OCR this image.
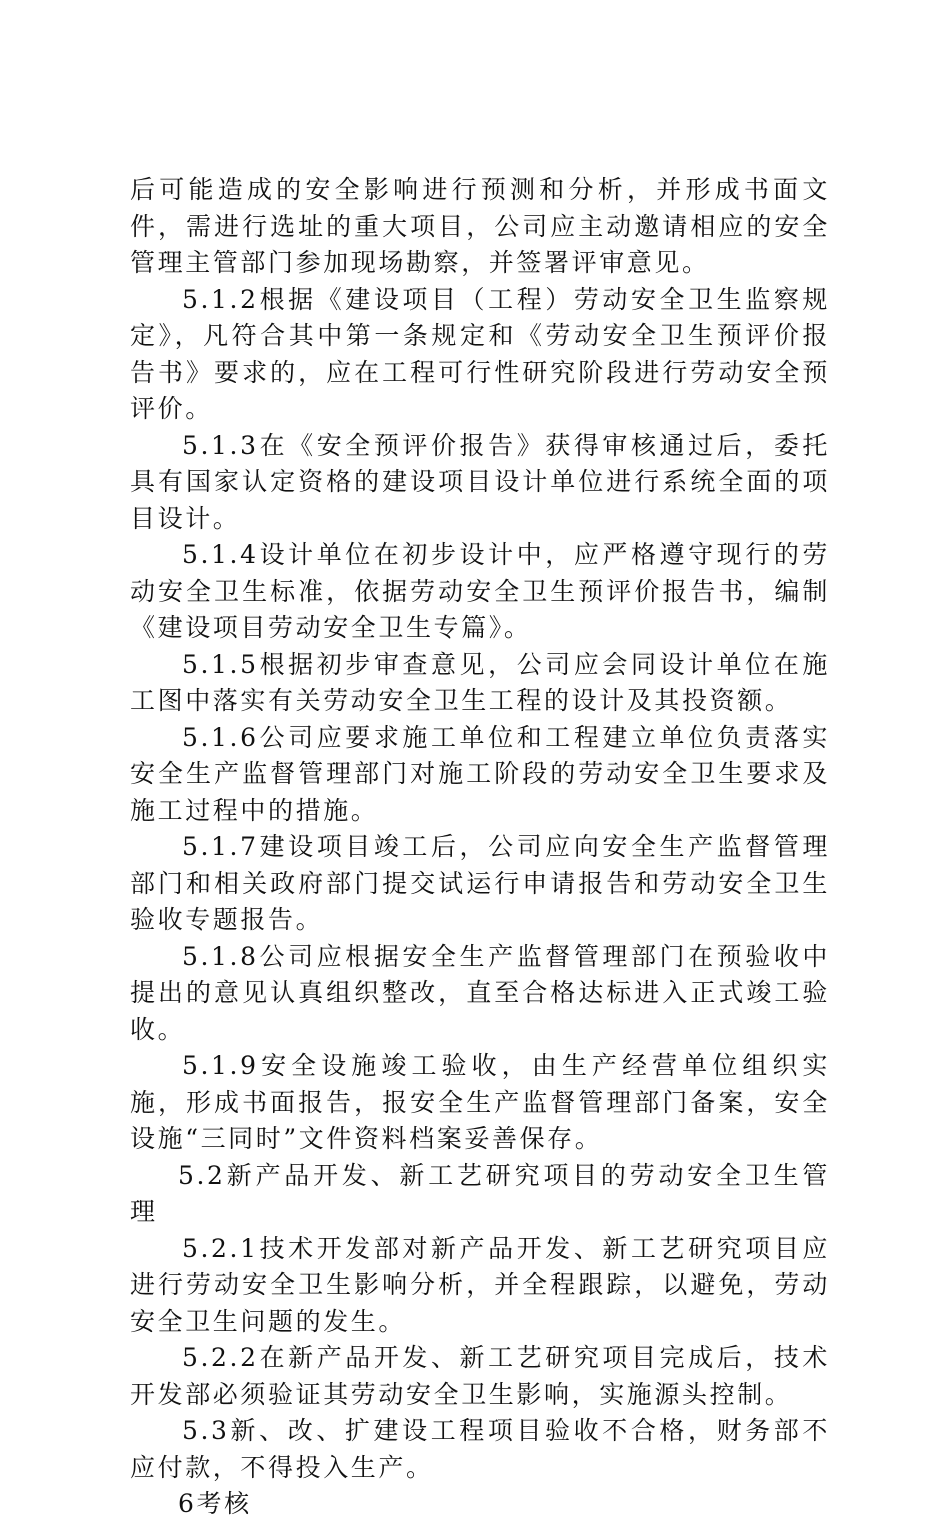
后可能造成的安全影响进行预测和分析，并形成书面文件，需进行选址的重大项目，公司应主动邀请相应的安全管理主管部门参加现场勘察，并签署评审意见。

5.1.2根据《建设项目（工程）劳动安全卫生监察规定》，凡符合其中第一条规定和《劳动安全卫生预评价报告书》要求的，应在工程可行性研究阶段进行劳动安全预评价。

5.1.3在《安全预评价报告》获得审核通过后，委托具有国家认定资格的建设项目设计单位进行系统全面的项目设计。

5.1.4设计单位在初步设计中，应严格遵守现行的劳动安全卫生标准，依据劳动安全卫生预评价报告书，编制《建设项目劳动安全卫生专篇》。

5.1.5根据初步审查意见，公司应会同设计单位在施工图中落实有关劳动安全卫生工程的设计及其投资额。

5.1.6公司应要求施工单位和工程建立单位负责落实安全生产监督管理部门对施工阶段的劳动安全卫生要求及施工过程中的措施。

5.1.7建设项目竣工后，公司应向安全生产监督管理部门和相关政府部门提交试运行申请报告和劳动安全卫生验收专题报告。

5.1.8公司应根据安全生产监督管理部门在预验收中提出的意见认真组织整改，直至合格达标进入正式竣工验收。

5.1.9安全设施竣工验收，由生产经营单位组织实施，形成书面报告，报安全生产监督管理部门备案，安全设施“三同时”文件资料档案妥善保存。

5.2新产品开发、新工艺研究项目的劳动安全卫生管理

5.2.1技术开发部对新产品开发、新工艺研究项目应进行劳动安全卫生影响分析，并全程跟踪，以避免，劳动安全卫生问题的发生。

5.2.2在新产品开发、新工艺研究项目完成后，技术开发部必须验证其劳动安全卫生影响，实施源头控制。

5.3新、改、扩建设工程项目验收不合格，财务部不应付款，不得投入生产。

6考核
